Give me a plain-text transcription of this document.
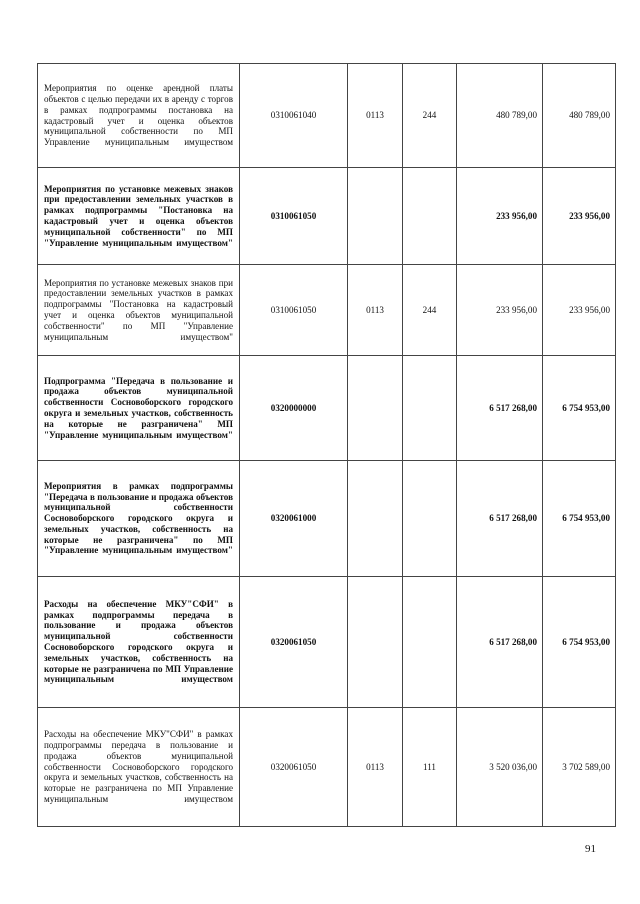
Мероприятия по оценке арендной платы объектов с целью передачи их в аренду с торгов в рамках подпрограммы постановка на кадастровый учет и оценка объектов муниципальной собственности по МП Управление муниципальным имуществом	0310061040	0113	244	480 789,00	480 789,00
Мероприятия по установке межевых знаков при предоставлении земельных участков в рамках подпрограммы "Постановка на кадастровый учет и оценка объектов муниципальной собственности" по МП "Управление муниципальным имуществом"	0310061050			233 956,00	233 956,00
Мероприятия по установке межевых знаков при предоставлении земельных участков в рамках подпрограммы "Постановка на кадастровый учет и оценка объектов муниципальной собственности" по МП "Управление муниципальным имуществом"	0310061050	0113	244	233 956,00	233 956,00
Подпрограмма "Передача в пользование и продажа объектов муниципальной собственности Сосновоборского городского округа и земельных участков, собственность на которые не разграничена" МП "Управление муниципальным имуществом"	0320000000			6 517 268,00	6 754 953,00
Мероприятия в рамках подпрограммы "Передача в пользование и продажа объектов муниципальной собственности Сосновоборского городского округа и земельных участков, собственность на которые не разграничена" по МП "Управление муниципальным имуществом"	0320061000			6 517 268,00	6 754 953,00
Расходы на обеспечение МКУ"СФИ" в рамках подпрограммы передача в пользование и продажа объектов муниципальной собственности Сосновоборского городского округа и земельных участков, собственность на которые не разграничена по МП Управление муниципальным имуществом	0320061050			6 517 268,00	6 754 953,00
Расходы на обеспечение МКУ"СФИ" в рамках подпрограммы передача в пользование и продажа объектов муниципальной собственности Сосновоборского городского округа и земельных участков, собственность на которые не разграничена по МП Управление муниципальным имуществом	0320061050	0113	111	3 520 036,00	3 702 589,00
91
